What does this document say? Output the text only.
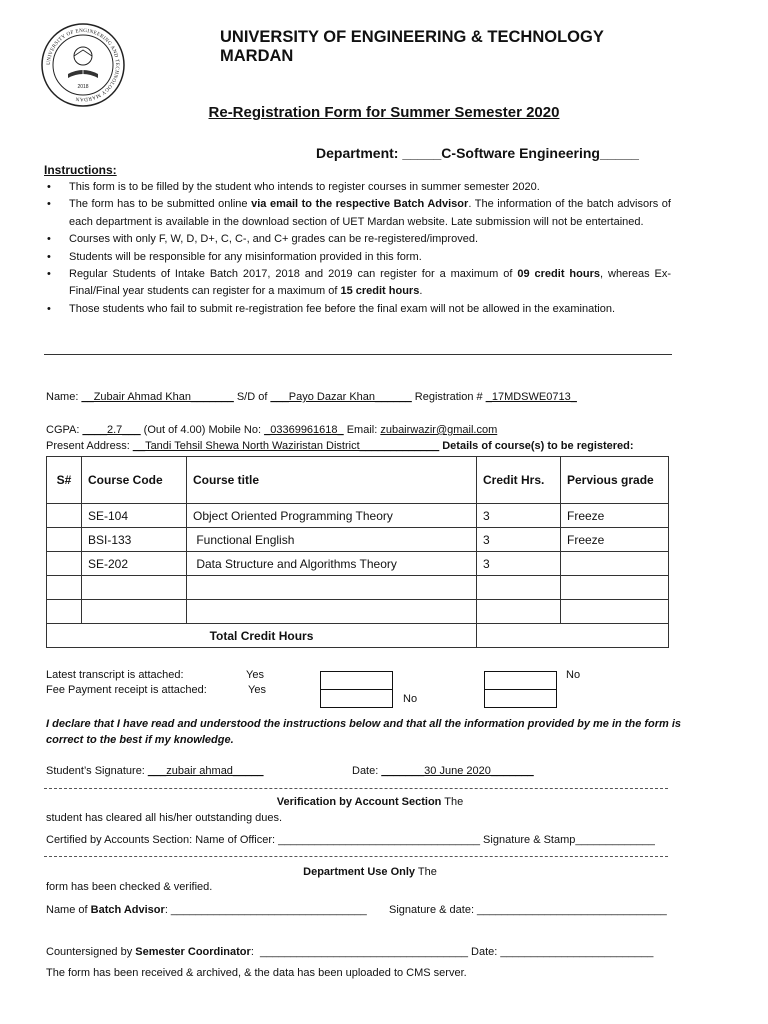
UNIVERSITY OF ENGINEERING AND TECHNOLOGY MARDAN
2018
UNIVERSITY OF ENGINEERING & TECHNOLOGY
MARDAN
Re-Registration Form for Summer Semester 2020
Department: _____C-Software Engineering_____
Instructions:
• This form is to be filled by the student who intends to register courses in summer semester 2020.
• The form has to be submitted online via email to the respective Batch Advisor. The information of the batch advisors of each department is available in the download section of UET Mardan website. Late submission will not be entertained.
• Courses with only F, W, D, D+, C, C-, and C+ grades can be re-registered/improved.
• Students will be responsible for any misinformation provided in this form.
• Regular Students of Intake Batch 2017, 2018 and 2019 can register for a maximum of 09 credit hours, whereas Ex-Final/Final year students can register for a maximum of 15 credit hours.
• Those students who fail to submit re-registration fee before the final exam will not be allowed in the examination.
Name: __Zubair Ahmad Khan_______ S/D of ___Payo Dazar Khan______ Registration # _17MDSWE0713_
CGPA: ____2.7___ (Out of 4.00) Mobile No: _03369961618_ Email: zubairwazir@gmail.com
Present Address: __Tandi Tehsil Shewa North Waziristan District_____________ Details of course(s) to be registered:
S#	Course Code	Course title	Credit Hrs.	Pervious grade
	SE-104	Object Oriented Programming Theory	3	Freeze
	BSI-133	Functional English	3	Freeze
	SE-202	Data Structure and Algorithms Theory	3	

Total Credit Hours				
Latest transcript is attached:	Yes	No
Fee Payment receipt is attached:	Yes
No
I declare that I have read and understood the instructions below and that all the information provided by me in the form is correct to the best if my knowledge.
Student’s Signature: ___zubair ahmad_____	Date: _______30 June 2020_______
Verification by Account Section The
student has cleared all his/her outstanding dues.
Certified by Accounts Section: Name of Officer: _________________________________ Signature & Stamp_____________
Department Use Only The
form has been checked & verified.
Name of Batch Advisor: ________________________________ Signature & date: _______________________________
Countersigned by Semester Coordinator:  __________________________________ Date: _________________________
The form has been received & archived, & the data has been uploaded to CMS server.
